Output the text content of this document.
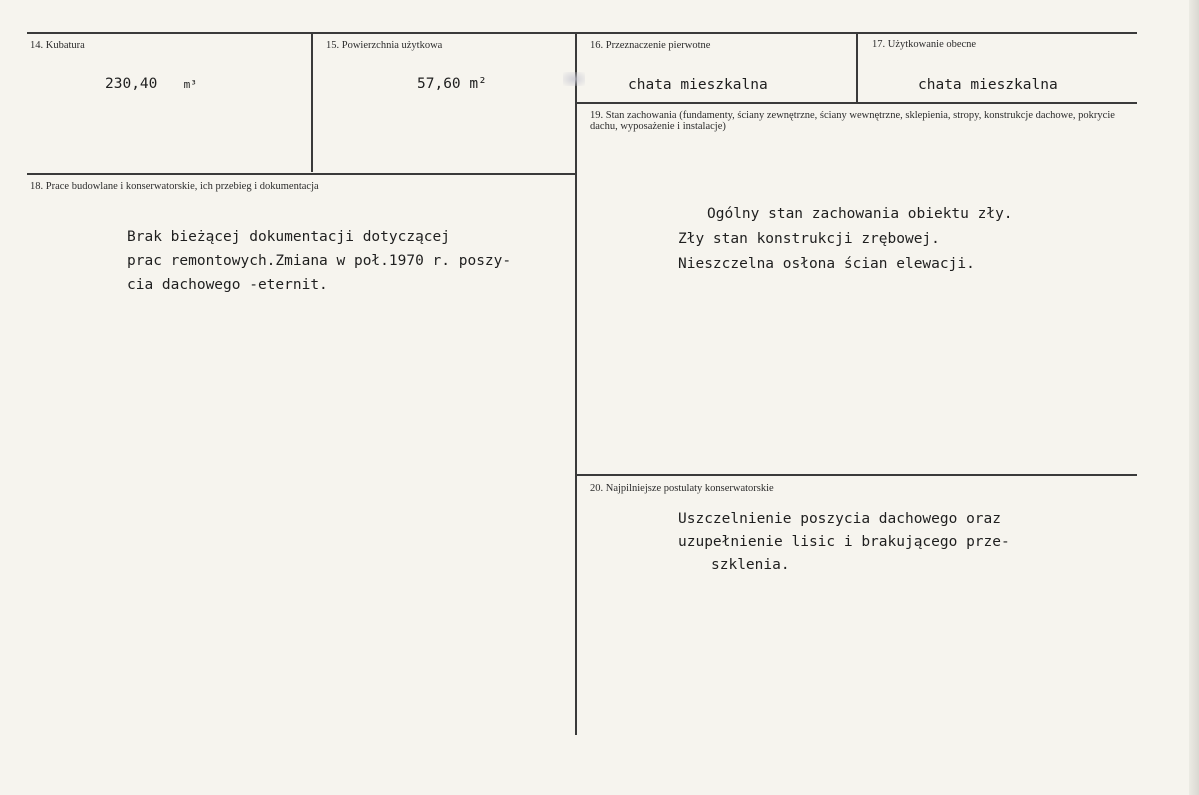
14. Kubatura
230,40 m³
15. Powierzchnia użytkowa
57,60 m²
16. Przeznaczenie pierwotne
chata mieszkalna
17. Użytkowanie obecne
chata mieszkalna
18. Prace budowlane i konserwatorskie, ich przebieg i dokumentacja
Brak bieżącej dokumentacji dotyczącej
prac remontowych.Zmiana w poł.1970 r. poszy-
cia dachowego -eternit.
19. Stan zachowania (fundamenty, ściany zewnętrzne, ściany wewnętrzne, sklepienia, stropy, konstrukcje dachowe, pokrycie dachu, wyposażenie i instalacje)
Ogólny stan zachowania obiektu zły.
Zły stan konstrukcji zrębowej.
Nieszczelna osłona ścian elewacji.
20. Najpilniejsze postulaty konserwatorskie
Uszczelnienie poszycia dachowego oraz
uzupełnienie lisic i brakującego prze-
szklenia.
